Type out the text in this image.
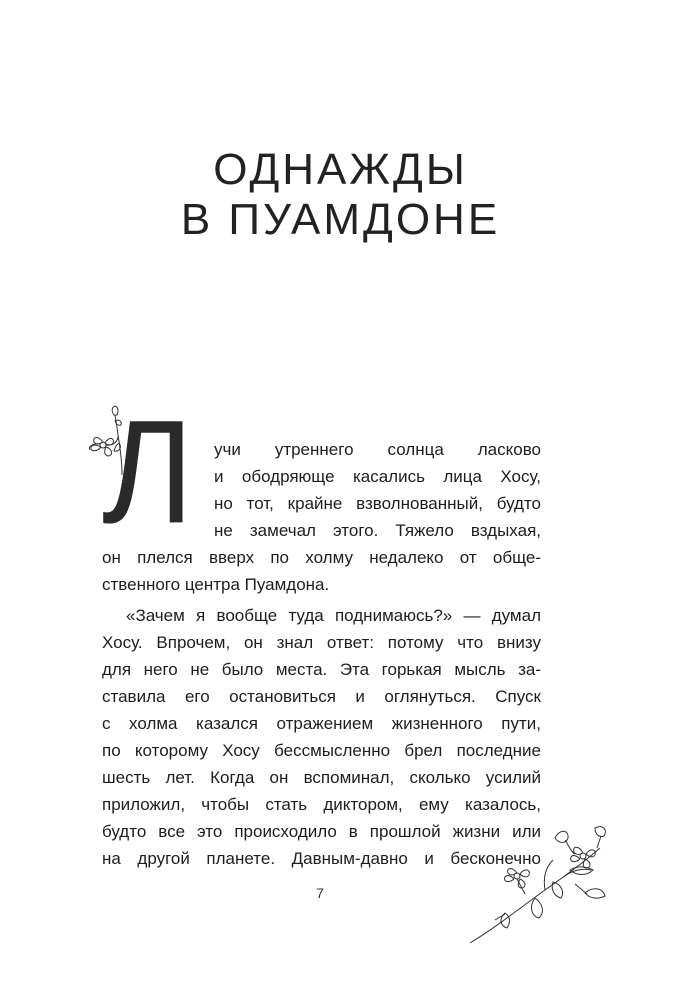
ОДНАЖДЫ
В ПУАМДОНЕ
Л учи утреннего солнца ласково
и ободряюще касались лица Хосу,
но тот, крайне взволнованный, будто
не замечал этого. Тяжело вздыхая,
он плелся вверх по холму недалеко от обще-
ственного центра Пуамдона.
«Зачем я вообще туда поднимаюсь?» — думал
Хосу. Впрочем, он знал ответ: потому что внизу
для него не было места. Эта горькая мысль за-
ставила его остановиться и оглянуться. Спуск
с холма казался отражением жизненного пути,
по которому Хосу бессмысленно брел последние
шесть лет. Когда он вспоминал, сколько усилий
приложил, чтобы стать диктором, ему казалось,
будто все это происходило в прошлой жизни или
на другой планете. Давным-давно и бесконечно
7
